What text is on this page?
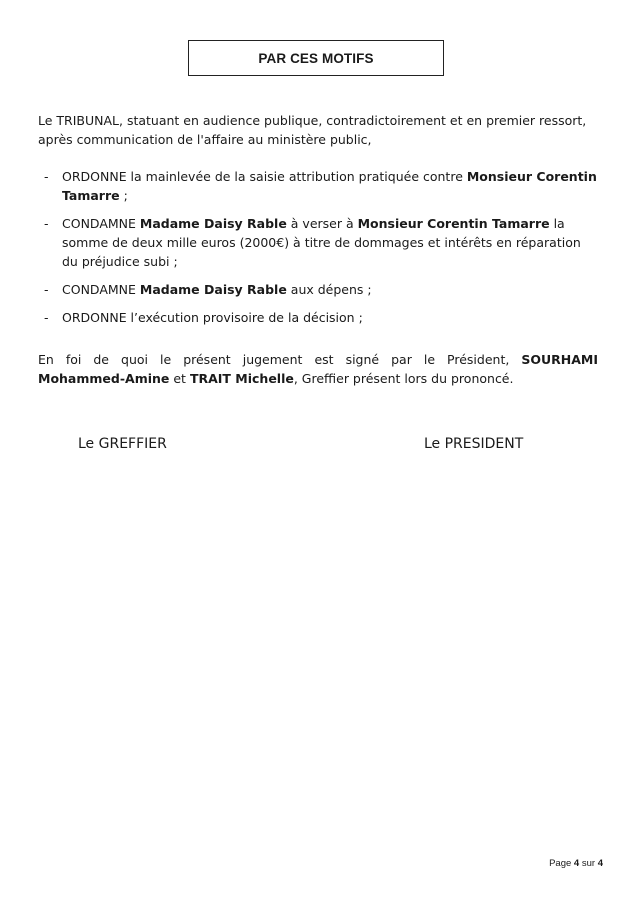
PAR CES MOTIFS
Le TRIBUNAL, statuant en audience publique, contradictoirement et en premier ressort, après communication de l'affaire au ministère public,
- ORDONNE la mainlevée de la saisie attribution pratiquée contre Monsieur Corentin Tamarre ;
- CONDAMNE Madame Daisy Rable à verser à Monsieur Corentin Tamarre la somme de deux mille euros (2000€) à titre de dommages et intérêts en réparation du préjudice subi ;
- CONDAMNE Madame Daisy Rable aux dépens ;
- ORDONNE l’exécution provisoire de la décision ;
En foi de quoi le présent jugement est signé par le Président, SOURHAMI
Mohammed-Amine et TRAIT Michelle, Greffier présent lors du prononcé.
Le GREFFIER	Le PRESIDENT
Page 4 sur 4
